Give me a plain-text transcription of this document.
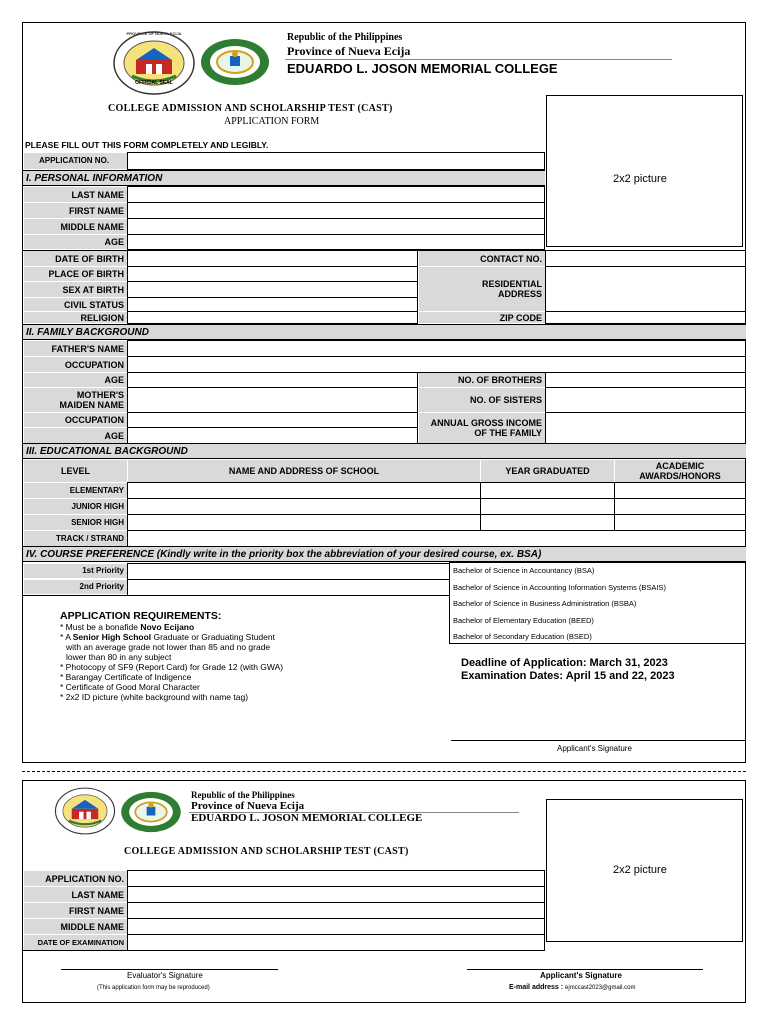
OFFICIAL SEAL
Republic of the Philippines
Province of Nueva Ecija
EDUARDO L. JOSON MEMORIAL COLLEGE
2x2 picture
COLLEGE ADMISSION AND SCHOLARSHIP TEST (CAST)
APPLICATION FORM
PLEASE FILL OUT THIS FORM COMPLETELY AND LEGIBLY.
APPLICATION NO.
I. PERSONAL INFORMATION
LAST NAME
FIRST NAME
MIDDLE NAME
AGE
DATE OF BIRTH
PLACE OF BIRTH
SEX AT BIRTH
CIVIL STATUS
RELIGION
CONTACT NO.
RESIDENTIAL ADDRESS
ZIP CODE
II. FAMILY BACKGROUND
FATHER'S NAME
OCCUPATION
AGE
MOTHER'S MAIDEN NAME
OCCUPATION
AGE
NO. OF BROTHERS
NO. OF SISTERS
ANNUAL GROSS INCOME OF THE FAMILY
III. EDUCATIONAL BACKGROUND
LEVEL	NAME AND ADDRESS OF SCHOOL	YEAR GRADUATED	ACADEMIC AWARDS/HONORS
ELEMENTARY
JUNIOR HIGH
SENIOR HIGH
TRACK / STRAND
IV. COURSE PREFERENCE (Kindly write in the priority box the abbreviation of your desired course, ex. BSA)
1st Priority
2nd Priority
Bachelor of Science in Accountancy (BSA)
Bachelor of Science in Accounting Information Systems (BSAIS)
Bachelor of Science in Business Administration (BSBA)
Bachelor of Elementary Education (BEED)
Bachelor of Secondary Education (BSED)
APPLICATION REQUIREMENTS:
* Must be a bonafide Novo Ecijano
* A Senior High School Graduate or Graduating Student
with an average grade not lower than 85 and no grade
lower than 80 in any subject
* Photocopy of SF9 (Report Card) for Grade 12 (with GWA)
* Barangay Certificate of Indigence
* Certificate of Good Moral Character
* 2x2 ID picture (white background with name tag)
Deadline of Application: March 31, 2023
Examination Dates: April 15 and 22, 2023
Applicant's Signature
Republic of the Philippines
Province of Nueva Ecija
EDUARDO L. JOSON MEMORIAL COLLEGE
2x2 picture
COLLEGE ADMISSION AND SCHOLARSHIP TEST (CAST)
APPLICATION NO.
LAST NAME
FIRST NAME
MIDDLE NAME
DATE OF EXAMINATION
Evaluator's Signature	Applicant's Signature
(This application form may be reproduced)	E-mail address : ejmccast2023@gmail.com
PROVINCE OF NUEVA ECIJA
